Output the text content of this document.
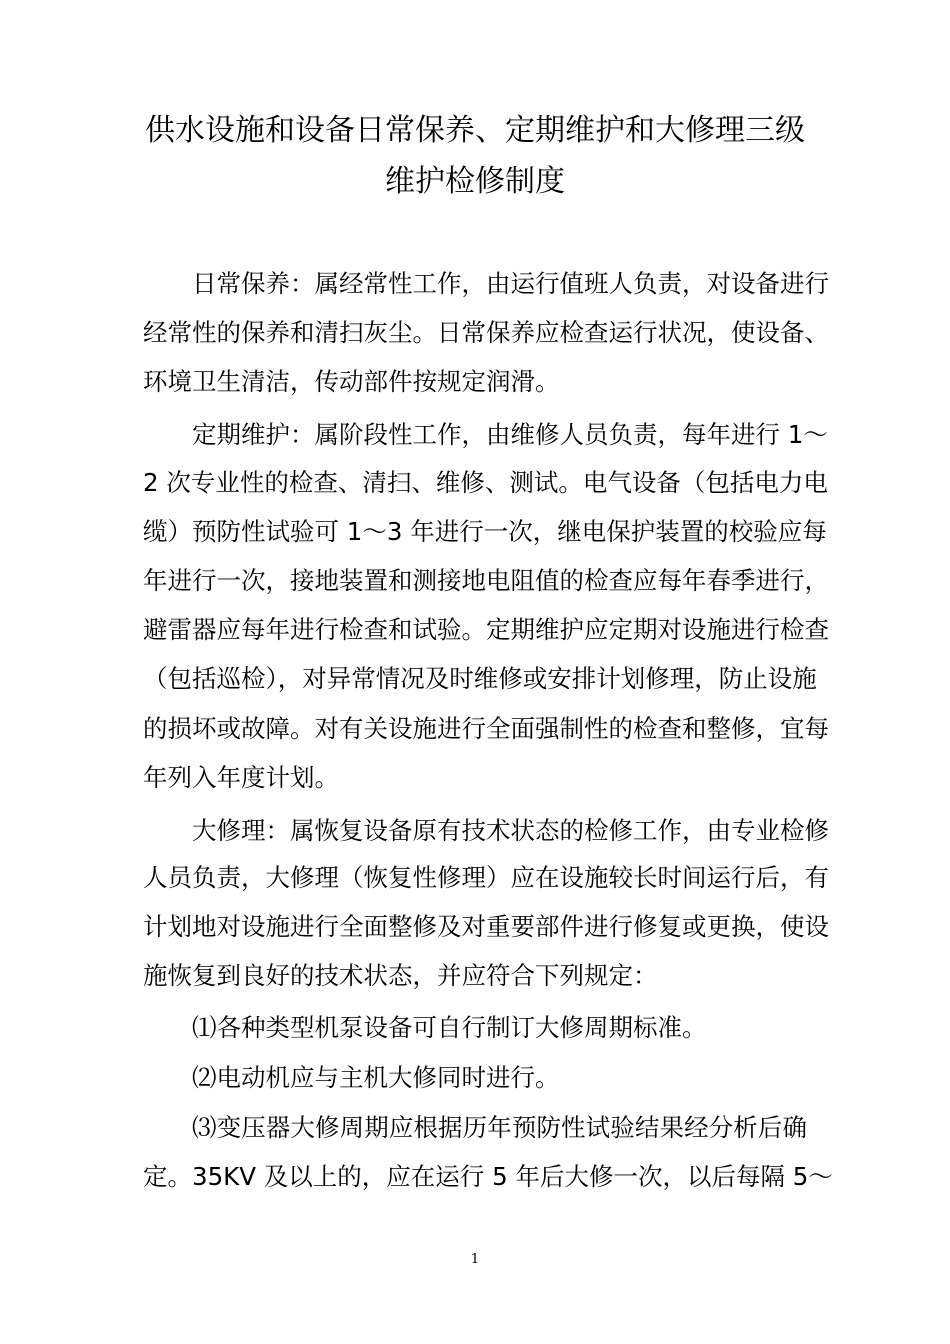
供水设施和设备日常保养、定期维护和大修理三级
维护检修制度

日常保养：属经常性工作，由运行值班人负责，对设备进行

经常性的保养和清扫灰尘。日常保养应检查运行状况，使设备、

环境卫生清洁，传动部件按规定润滑。

定期维护：属阶段性工作，由维修人员负责，每年进行 1～

2 次专业性的检查、清扫、维修、测试。电气设备（包括电力电

缆）预防性试验可 1～3 年进行一次，继电保护装置的校验应每

年进行一次，接地装置和测接地电阻值的检查应每年春季进行，

避雷器应每年进行检查和试验。定期维护应定期对设施进行检查

（包括巡检），对异常情况及时维修或安排计划修理，防止设施

的损坏或故障。对有关设施进行全面强制性的检查和整修，宜每

年列入年度计划。

大修理：属恢复设备原有技术状态的检修工作，由专业检修

人员负责，大修理（恢复性修理）应在设施较长时间运行后，有

计划地对设施进行全面整修及对重要部件进行修复或更换，使设

施恢复到良好的技术状态，并应符合下列规定：

⑴各种类型机泵设备可自行制订大修周期标准。

⑵电动机应与主机大修同时进行。

⑶变压器大修周期应根据历年预防性试验结果经分析后确

定。35KV 及以上的，应在运行 5 年后大修一次，以后每隔 5～

1
